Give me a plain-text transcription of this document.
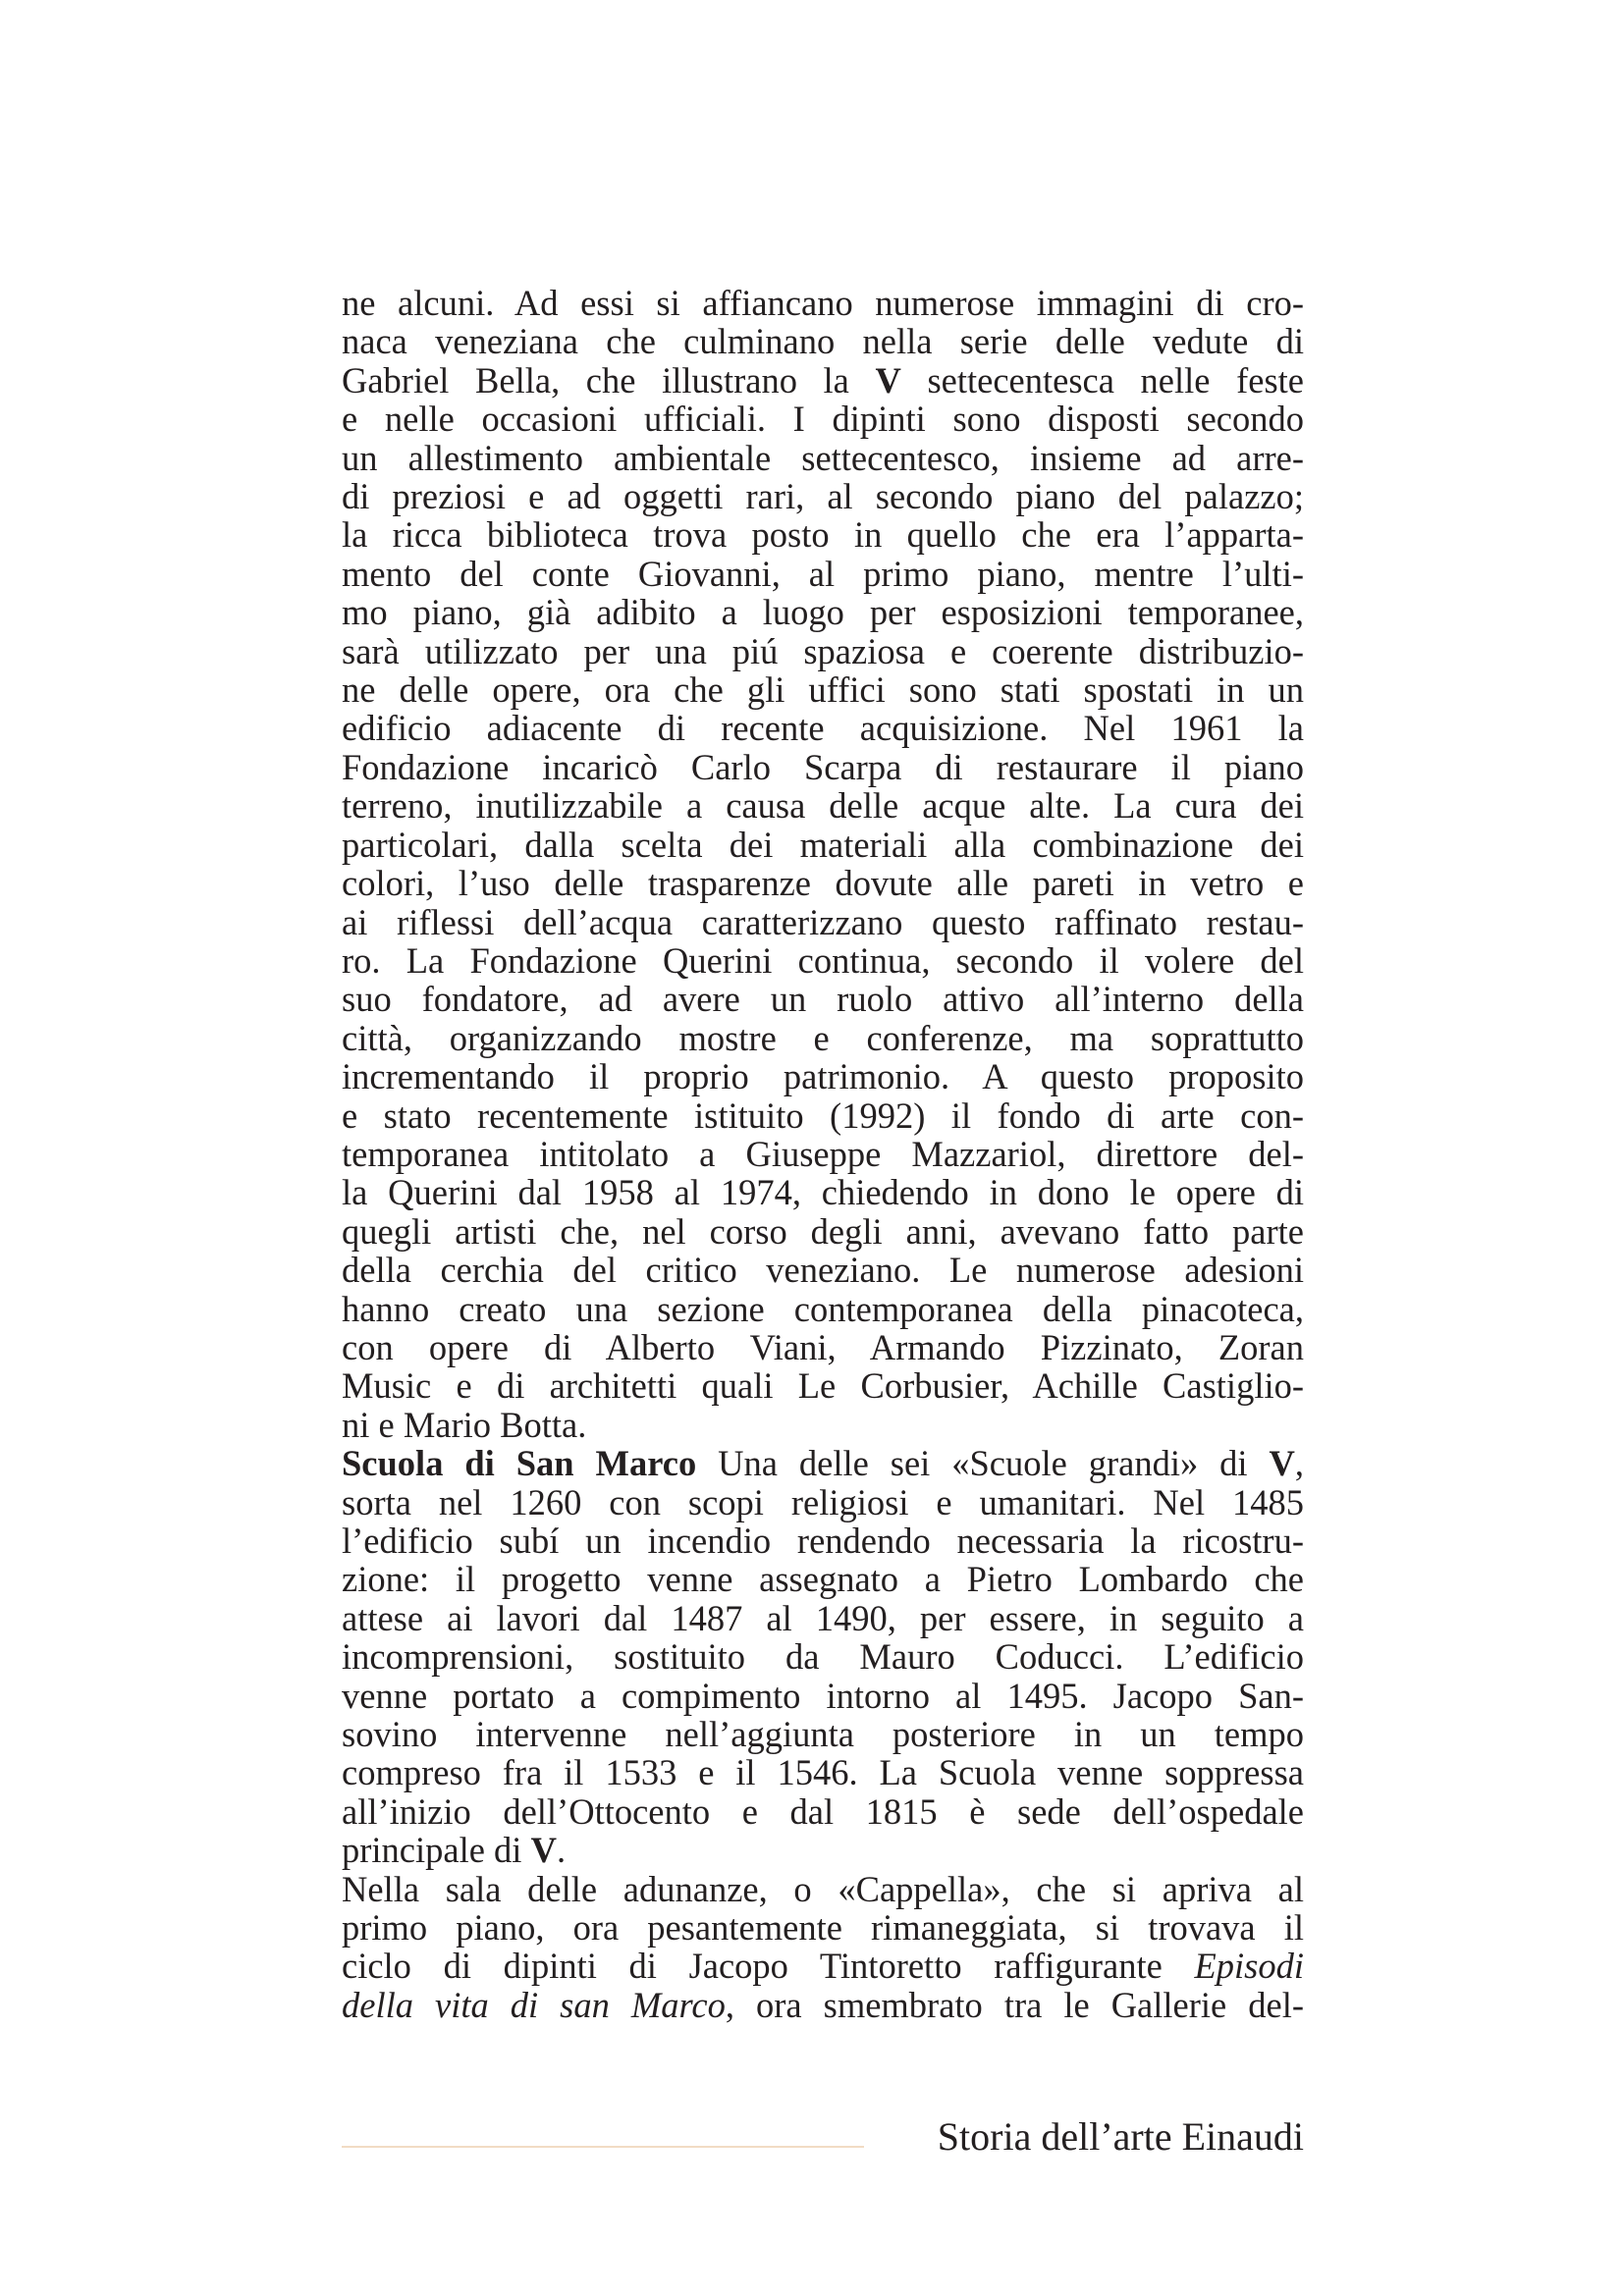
ne alcuni. Ad essi si affiancano numerose immagini di cro-
naca veneziana che culminano nella serie delle vedute di
Gabriel Bella, che illustrano la V settecentesca nelle feste
e nelle occasioni ufficiali. I dipinti sono disposti secondo
un allestimento ambientale settecentesco, insieme ad arre-
di preziosi e ad oggetti rari, al secondo piano del palazzo;
la ricca biblioteca trova posto in quello che era l’apparta-
mento del conte Giovanni, al primo piano, mentre l’ulti-
mo piano, già adibito a luogo per esposizioni temporanee,
sarà utilizzato per una piú spaziosa e coerente distribuzio-
ne delle opere, ora che gli uffici sono stati spostati in un
edificio adiacente di recente acquisizione. Nel 1961 la
Fondazione incaricò Carlo Scarpa di restaurare il piano
terreno, inutilizzabile a causa delle acque alte. La cura dei
particolari, dalla scelta dei materiali alla combinazione dei
colori, l’uso delle trasparenze dovute alle pareti in vetro e
ai riflessi dell’acqua caratterizzano questo raffinato restau-
ro. La Fondazione Querini continua, secondo il volere del
suo fondatore, ad avere un ruolo attivo all’interno della
città, organizzando mostre e conferenze, ma soprattutto
incrementando il proprio patrimonio. A questo proposito
e stato recentemente istituito (1992) il fondo di arte con-
temporanea intitolato a Giuseppe Mazzariol, direttore del-
la Querini dal 1958 al 1974, chiedendo in dono le opere di
quegli artisti che, nel corso degli anni, avevano fatto parte
della cerchia del critico veneziano. Le numerose adesioni
hanno creato una sezione contemporanea della pinacoteca,
con opere di Alberto Viani, Armando Pizzinato, Zoran
Music e di architetti quali Le Corbusier, Achille Castiglio-
ni e Mario Botta.
Scuola di San Marco Una delle sei «Scuole grandi» di V,
sorta nel 1260 con scopi religiosi e umanitari. Nel 1485
l’edificio subí un incendio rendendo necessaria la ricostru-
zione: il progetto venne assegnato a Pietro Lombardo che
attese ai lavori dal 1487 al 1490, per essere, in seguito a
incomprensioni, sostituito da Mauro Coducci. L’edificio
venne portato a compimento intorno al 1495. Jacopo San-
sovino intervenne nell’aggiunta posteriore in un tempo
compreso fra il 1533 e il 1546. La Scuola venne soppressa
all’inizio dell’Ottocento e dal 1815 è sede dell’ospedale
principale di V.
Nella sala delle adunanze, o «Cappella», che si apriva al
primo piano, ora pesantemente rimaneggiata, si trovava il
ciclo di dipinti di Jacopo Tintoretto raffigurante Episodi
della vita di san Marco, ora smembrato tra le Gallerie del-
Storia dell’arte Einaudi
